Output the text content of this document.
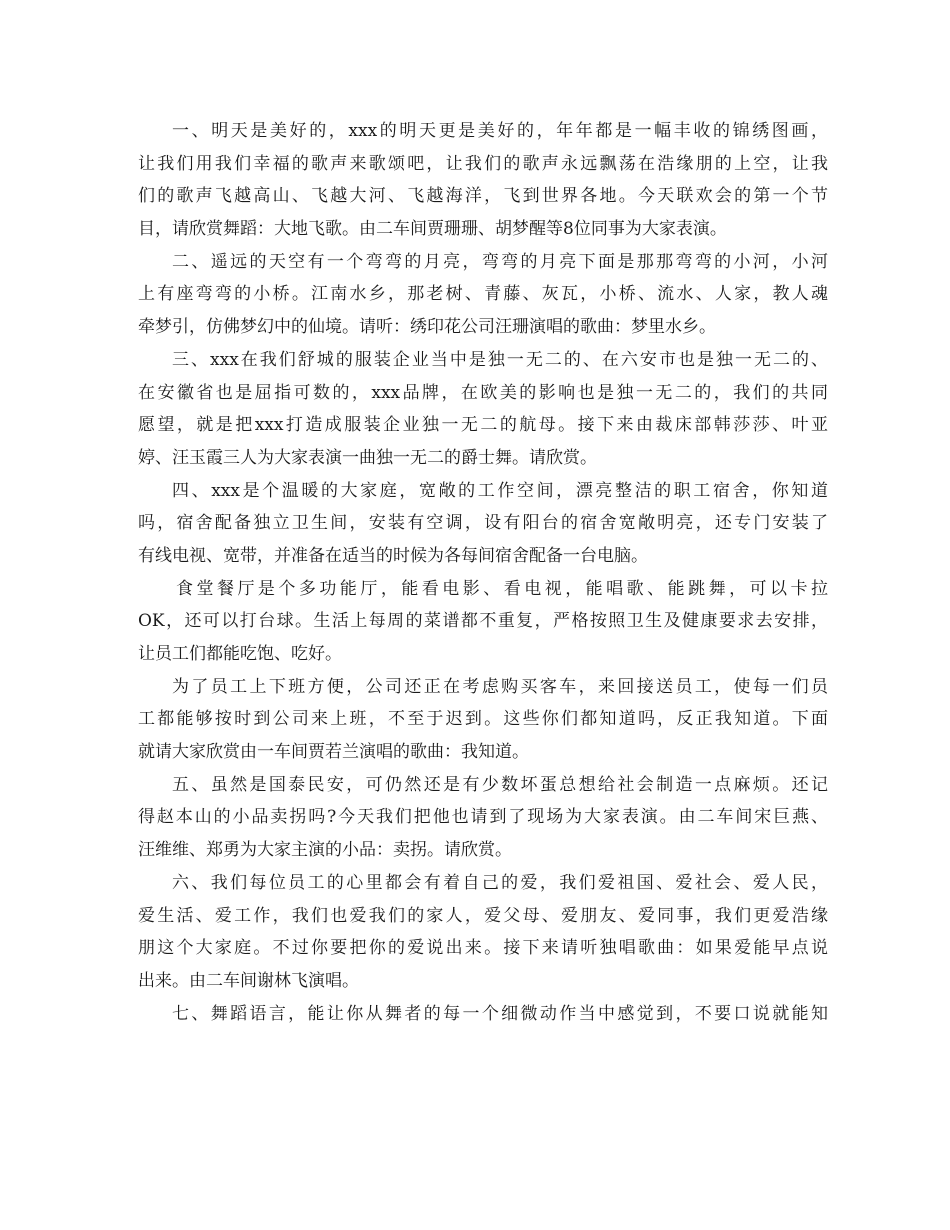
一、明天是美好的，xxx的明天更是美好的，年年都是一幅丰收的锦绣图画，
让我们用我们幸福的歌声来歌颂吧，让我们的歌声永远飘荡在浩缘朋的上空，让我
们的歌声飞越高山、飞越大河、飞越海洋，飞到世界各地。今天联欢会的第一个节
目，请欣赏舞蹈：大地飞歌。由二车间贾珊珊、胡梦醒等8位同事为大家表演。
二、遥远的天空有一个弯弯的月亮，弯弯的月亮下面是那那弯弯的小河，小河
上有座弯弯的小桥。江南水乡，那老树、青藤、灰瓦，小桥、流水、人家，教人魂
牵梦引，仿佛梦幻中的仙境。请听：绣印花公司汪珊演唱的歌曲：梦里水乡。
三、xxx在我们舒城的服装企业当中是独一无二的、在六安市也是独一无二的、
在安徽省也是屈指可数的，xxx品牌，在欧美的影响也是独一无二的，我们的共同
愿望，就是把xxx打造成服装企业独一无二的航母。接下来由裁床部韩莎莎、叶亚
婷、汪玉霞三人为大家表演一曲独一无二的爵士舞。请欣赏。
四、xxx是个温暖的大家庭，宽敞的工作空间，漂亮整洁的职工宿舍，你知道
吗，宿舍配备独立卫生间，安装有空调，设有阳台的宿舍宽敞明亮，还专门安装了
有线电视、宽带，并准备在适当的时候为各每间宿舍配备一台电脑。
食堂餐厅是个多功能厅，能看电影、看电视，能唱歌、能跳舞，可以卡拉
OK，还可以打台球。生活上每周的菜谱都不重复，严格按照卫生及健康要求去安排，
让员工们都能吃饱、吃好。
为了员工上下班方便，公司还正在考虑购买客车，来回接送员工，使每一们员
工都能够按时到公司来上班，不至于迟到。这些你们都知道吗，反正我知道。下面
就请大家欣赏由一车间贾若兰演唱的歌曲：我知道。
五、虽然是国泰民安，可仍然还是有少数坏蛋总想给社会制造一点麻烦。还记
得赵本山的小品卖拐吗?今天我们把他也请到了现场为大家表演。由二车间宋巨燕、
汪维维、郑勇为大家主演的小品：卖拐。请欣赏。
六、我们每位员工的心里都会有着自己的爱，我们爱祖国、爱社会、爱人民，
爱生活、爱工作，我们也爱我们的家人，爱父母、爱朋友、爱同事，我们更爱浩缘
朋这个大家庭。不过你要把你的爱说出来。接下来请听独唱歌曲：如果爱能早点说
出来。由二车间谢林飞演唱。
七、舞蹈语言，能让你从舞者的每一个细微动作当中感觉到，不要口说就能知
